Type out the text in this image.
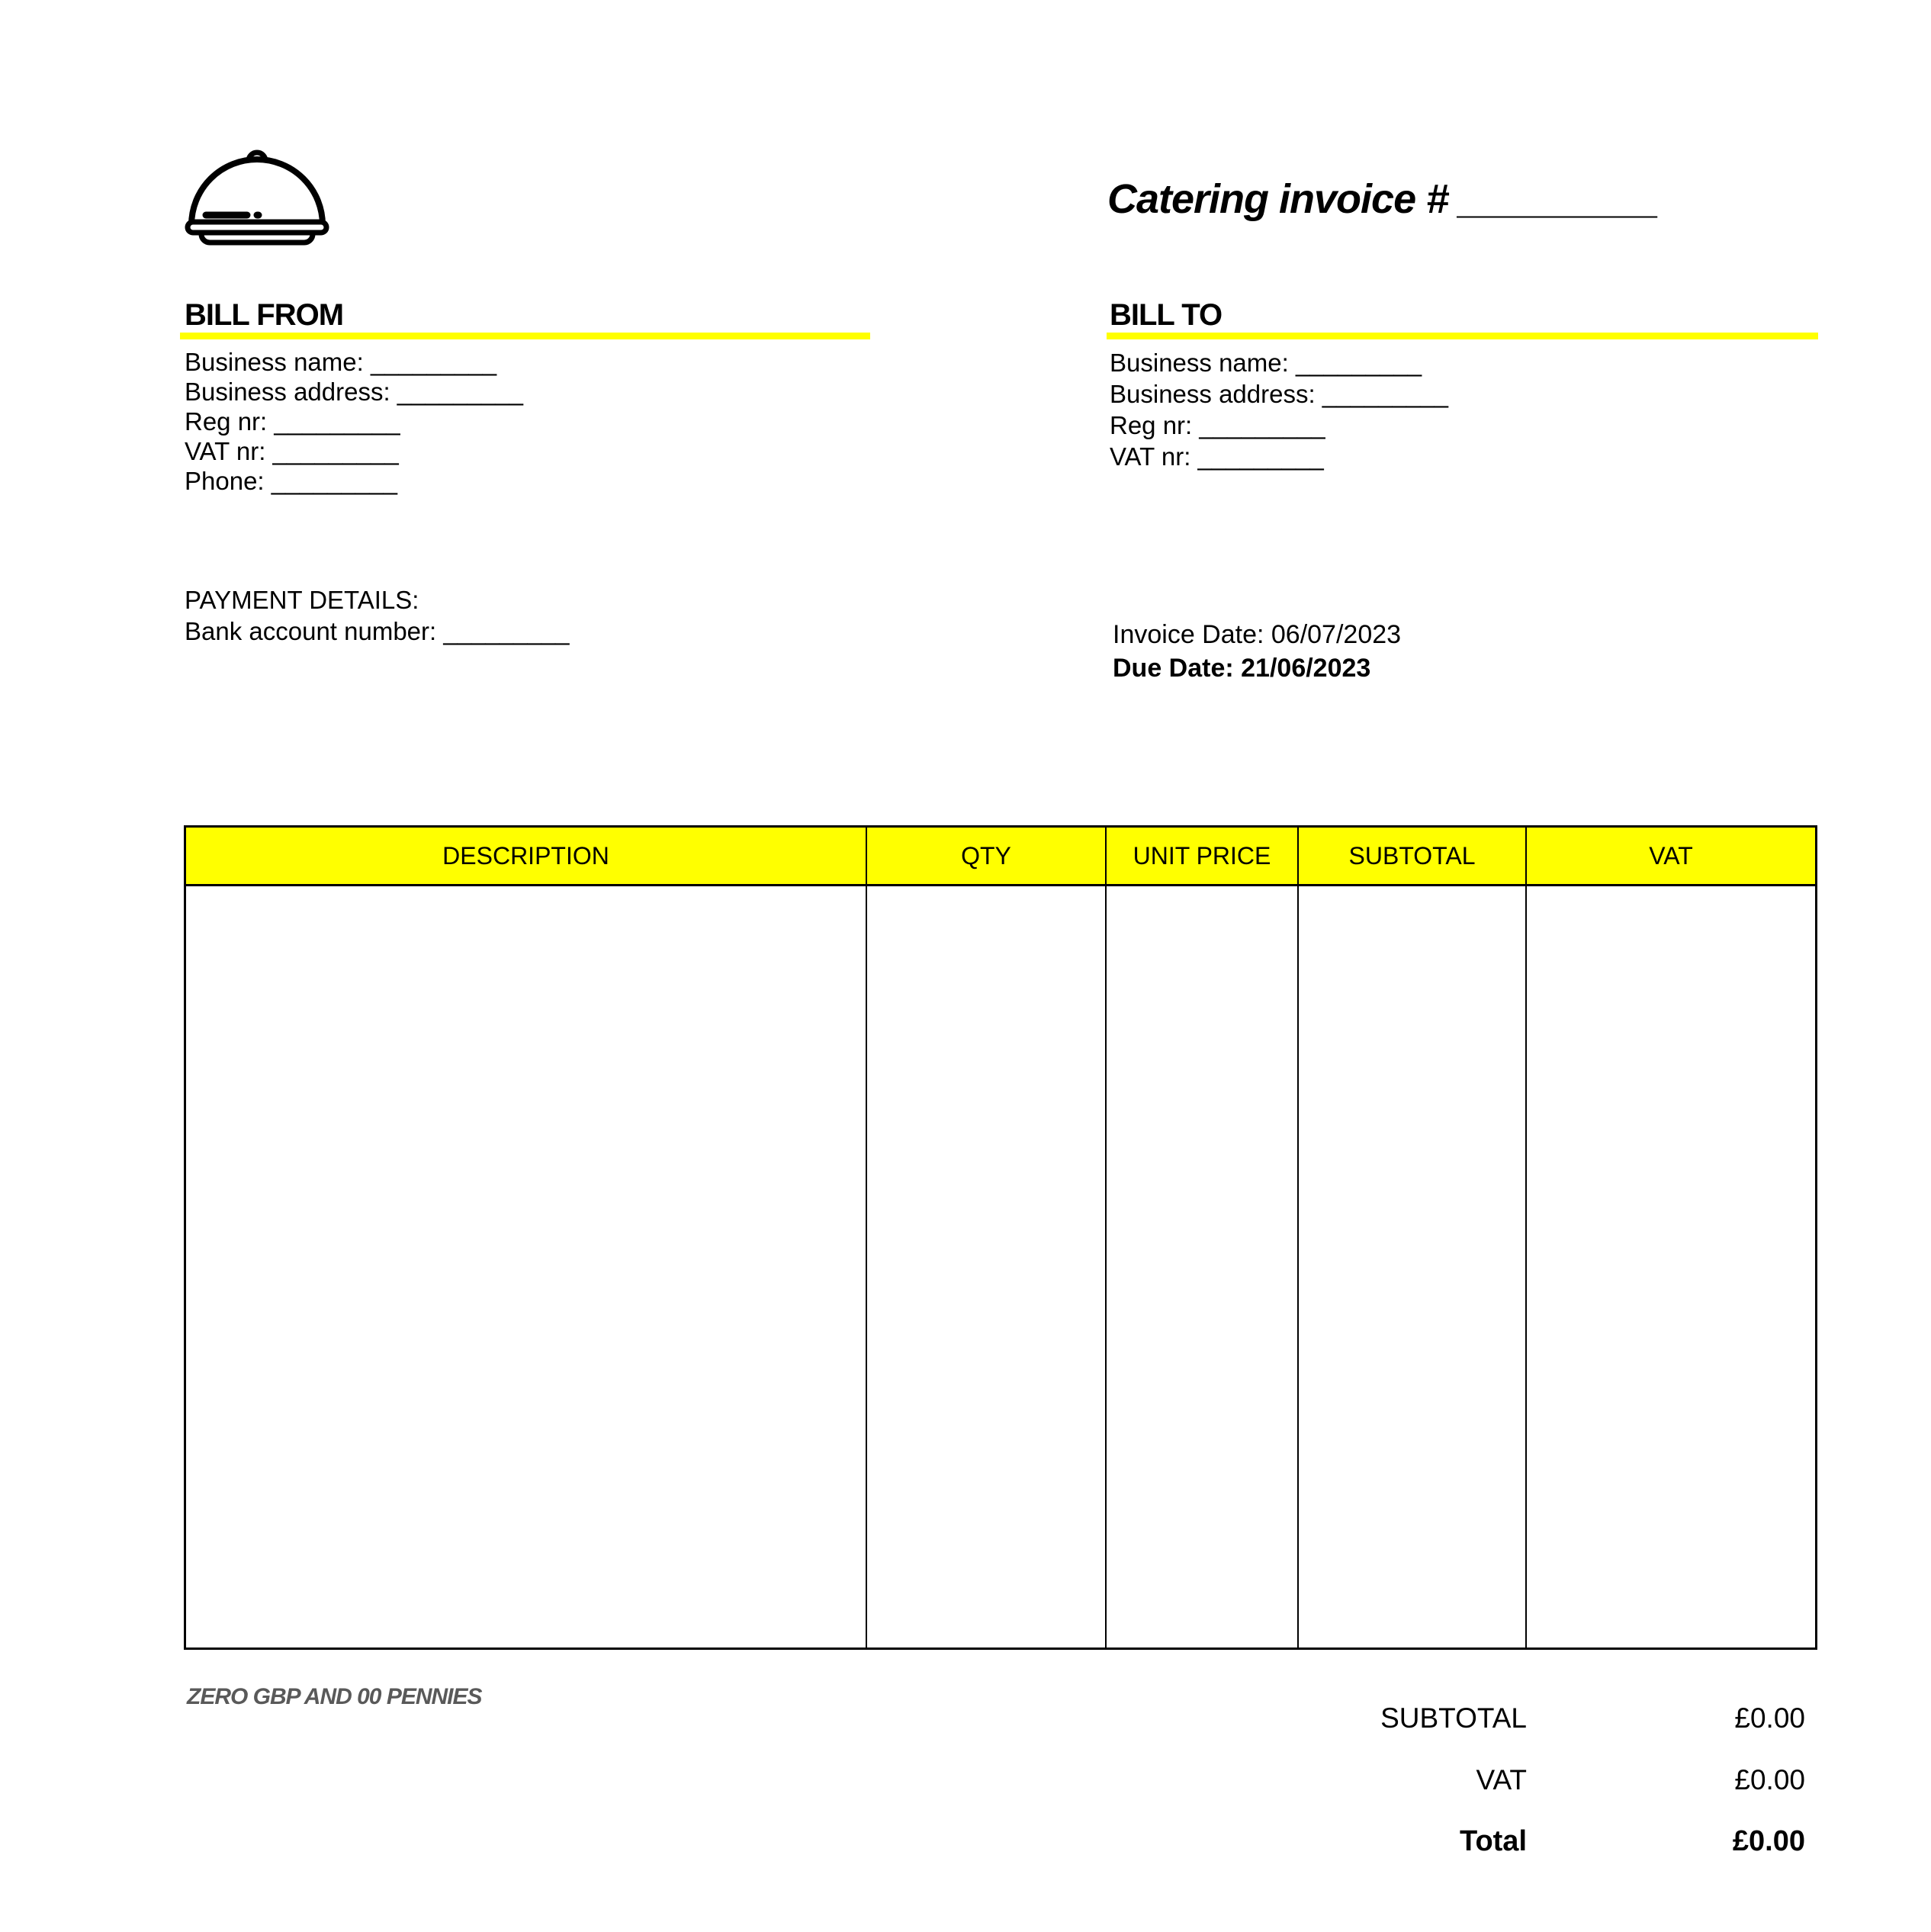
Catering invoice # _________
BILL FROM
Business name: _________
Business address: _________
Reg nr: _________
VAT nr: _________
Phone: _________
BILL TO
Business name: _________
Business address: _________
Reg nr: _________
VAT nr: _________
PAYMENT DETAILS:
Bank account number: _________	Invoice Date: 06/07/2023
Due Date: 21/06/2023
DESCRIPTION	QTY	UNIT PRICE	SUBTOTAL	VAT
ZERO GBP AND 00 PENNIES
SUBTOTAL	£0.00
VAT	£0.00
Total	£0.00
